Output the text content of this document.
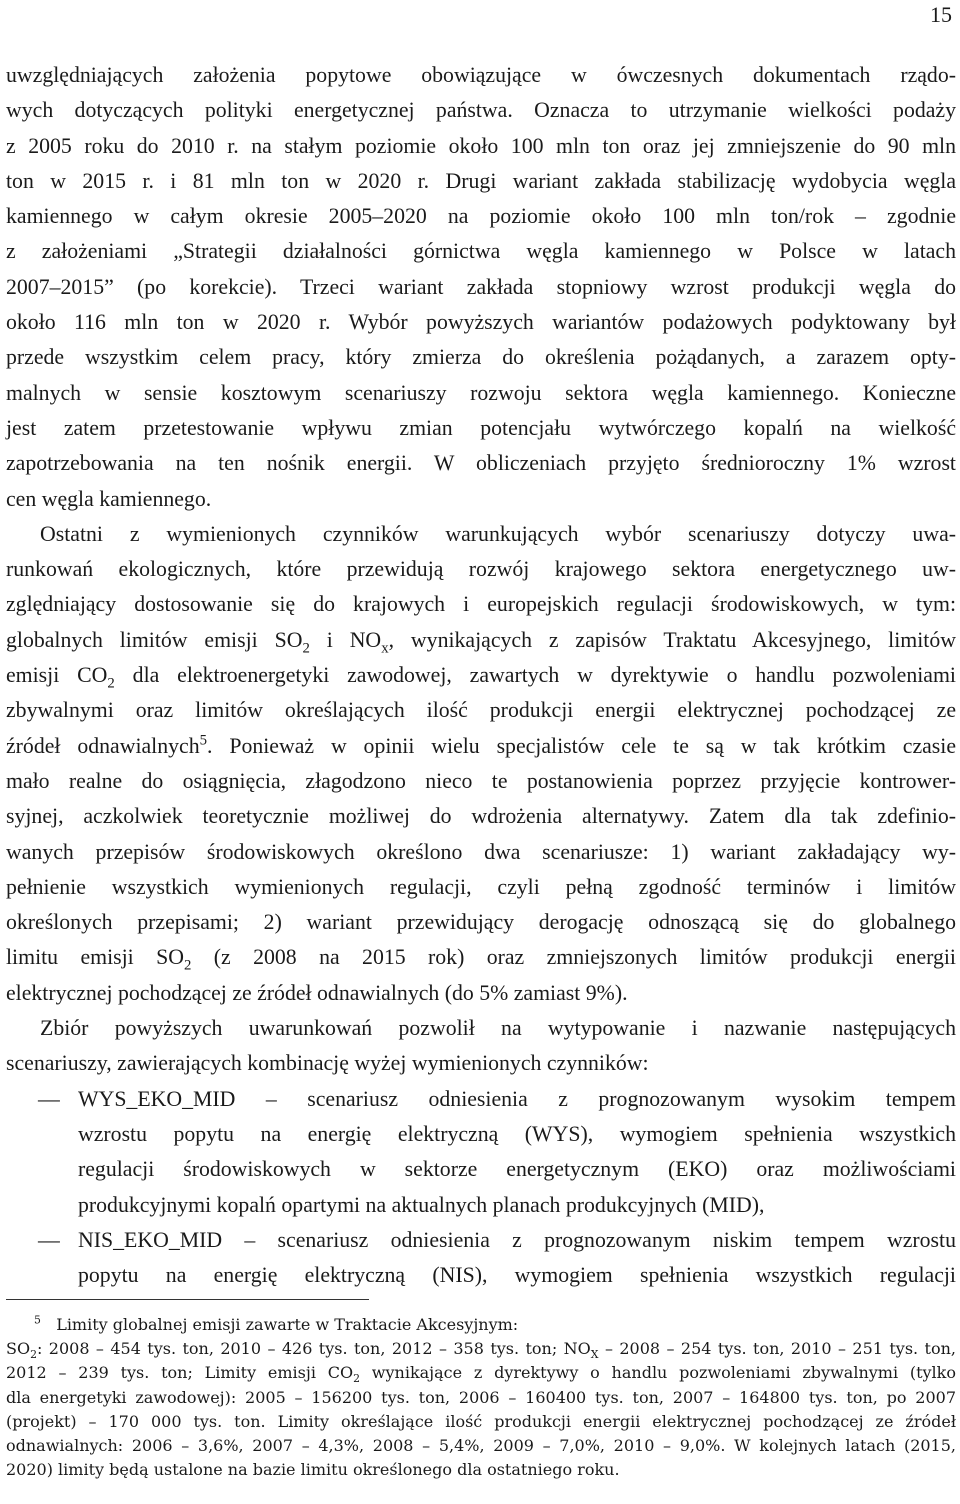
15
uwzględniających założenia popytowe obowiązujące w ówczesnych dokumentach rządo-
wych dotyczących polityki energetycznej państwa. Oznacza to utrzymanie wielkości podaży
z 2005 roku do 2010 r. na stałym poziomie około 100 mln ton oraz jej zmniejszenie do 90 mln
ton w 2015 r. i 81 mln ton w 2020 r. Drugi wariant zakłada stabilizację wydobycia węgla
kamiennego w całym okresie 2005–2020 na poziomie około 100 mln ton/rok – zgodnie
z założeniami „Strategii działalności górnictwa węgla kamiennego w Polsce w latach
2007–2015” (po korekcie). Trzeci wariant zakłada stopniowy wzrost produkcji węgla do
około 116 mln ton w 2020 r. Wybór powyższych wariantów podażowych podyktowany był
przede wszystkim celem pracy, który zmierza do określenia pożądanych, a zarazem opty-
malnych w sensie kosztowym scenariuszy rozwoju sektora węgla kamiennego. Konieczne
jest zatem przetestowanie wpływu zmian potencjału wytwórczego kopalń na wielkość
zapotrzebowania na ten nośnik energii. W obliczeniach przyjęto średnioroczny 1% wzrost
cen węgla kamiennego.
Ostatni z wymienionych czynników warunkujących wybór scenariuszy dotyczy uwa-
runkowań ekologicznych, które przewidują rozwój krajowego sektora energetycznego uw-
zględniający dostosowanie się do krajowych i europejskich regulacji środowiskowych, w tym:
globalnych limitów emisji $SO_2$ i $NO_x$, wynikających z zapisów Traktatu Akcesyjnego, limitów
emisji $CO_2$ dla elektroenergetyki zawodowej, zawartych w dyrektywie o handlu pozwoleniami
zbywalnymi oraz limitów określających ilość produkcji energii elektrycznej pochodzącej ze
źródeł odnawialnych$^5$. Ponieważ w opinii wielu specjalistów cele te są w tak krótkim czasie
mało realne do osiągnięcia, złagodzono nieco te postanowienia poprzez przyjęcie kontrower-
syjnej, aczkolwiek teoretycznie możliwej do wdrożenia alternatywy. Zatem dla tak zdefinio-
wanych przepisów środowiskowych określono dwa scenariusze: 1) wariant zakładający wy-
pełnienie wszystkich wymienionych regulacji, czyli pełną zgodność terminów i limitów
określonych przepisami; 2) wariant przewidujący derogację odnoszącą się do globalnego
limitu emisji $SO_2$ (z 2008 na 2015 rok) oraz zmniejszonych limitów produkcji energii
elektrycznej pochodzącej ze źródeł odnawialnych (do 5% zamiast 9%).
Zbiór powyższych uwarunkowań pozwolił na wytypowanie i nazwanie następujących
scenariuszy, zawierających kombinację wyżej wymienionych czynników:
— WYS_EKO_MID – scenariusz odniesienia z prognozowanym wysokim tempem
wzrostu popytu na energię elektryczną (WYS), wymogiem spełnienia wszystkich
regulacji środowiskowych w sektorze energetycznym (EKO) oraz możliwościami
produkcyjnymi kopalń opartymi na aktualnych planach produkcyjnych (MID),
— NIS_EKO_MID – scenariusz odniesienia z prognozowanym niskim tempem wzrostu
popytu na energię elektryczną (NIS), wymogiem spełnienia wszystkich regulacji
$^5$ Limity globalnej emisji zawarte w Traktacie Akcesyjnym:
$SO_2$: 2008 – 454 tys. ton, 2010 – 426 tys. ton, 2012 – 358 tys. ton; $NO_X - 2008 - 254$ tys. ton, 2010 – 251 tys. ton,
2012 – 239 tys. ton; Limity emisji $CO_2$ wynikające z dyrektywy o handlu pozwoleniami zbywalnymi (tylko
dla energetyki zawodowej): 2005 – 156200 tys. ton, 2006 – 160400 tys. ton, 2007 – 164800 tys. ton, po 2007
(projekt) – 170 000 tys. ton. Limity określające ilość produkcji energii elektrycznej pochodzącej ze źródeł
odnawialnych: 2006 – 3,6%, 2007 – 4,3%, 2008 – 5,4%, 2009 – 7,0%, 2010 – 9,0%. W kolejnych latach (2015,
2020) limity będą ustalone na bazie limitu określonego dla ostatniego roku.
